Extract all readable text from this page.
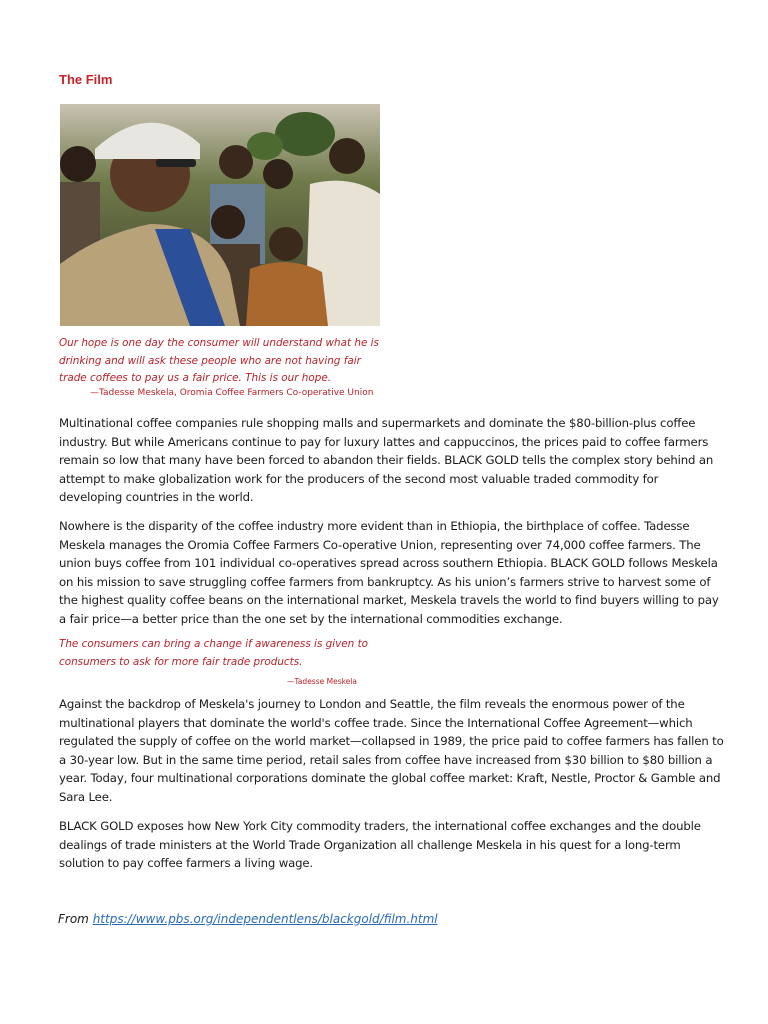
The Film

Our hope is one day the consumer will understand what he is drinking and will ask these people who are not having fair trade coffees to pay us a fair price. This is our hope.

—Tadesse Meskela, Oromia Coffee Farmers Co-operative Union

Multinational coffee companies rule shopping malls and supermarkets and dominate the $80-billion-plus coffee industry. But while Americans continue to pay for luxury lattes and cappuccinos, the prices paid to coffee farmers remain so low that many have been forced to abandon their fields. BLACK GOLD tells the complex story behind an attempt to make globalization work for the producers of the second most valuable traded commodity for developing countries in the world.

Nowhere is the disparity of the coffee industry more evident than in Ethiopia, the birthplace of coffee. Tadesse Meskela manages the Oromia Coffee Farmers Co-operative Union, representing over 74,000 coffee farmers. The union buys coffee from 101 individual co-operatives spread across southern Ethiopia. BLACK GOLD follows Meskela on his mission to save struggling coffee farmers from bankruptcy. As his union’s farmers strive to harvest some of the highest quality coffee beans on the international market, Meskela travels the world to find buyers willing to pay a fair price—a better price than the one set by the international commodities exchange.

The consumers can bring a change if awareness is given to consumers to ask for more fair trade products.

—Tadesse Meskela

Against the backdrop of Meskela's journey to London and Seattle, the film reveals the enormous power of the multinational players that dominate the world's coffee trade. Since the International Coffee Agreement—which regulated the supply of coffee on the world market—collapsed in 1989, the price paid to coffee farmers has fallen to a 30-year low. But in the same time period, retail sales from coffee have increased from $30 billion to $80 billion a year. Today, four multinational corporations dominate the global coffee market: Kraft, Nestle, Proctor & Gamble and Sara Lee.

BLACK GOLD exposes how New York City commodity traders, the international coffee exchanges and the double dealings of trade ministers at the World Trade Organization all challenge Meskela in his quest for a long-term solution to pay coffee farmers a living wage.

From https://www.pbs.org/independentlens/blackgold/film.html
